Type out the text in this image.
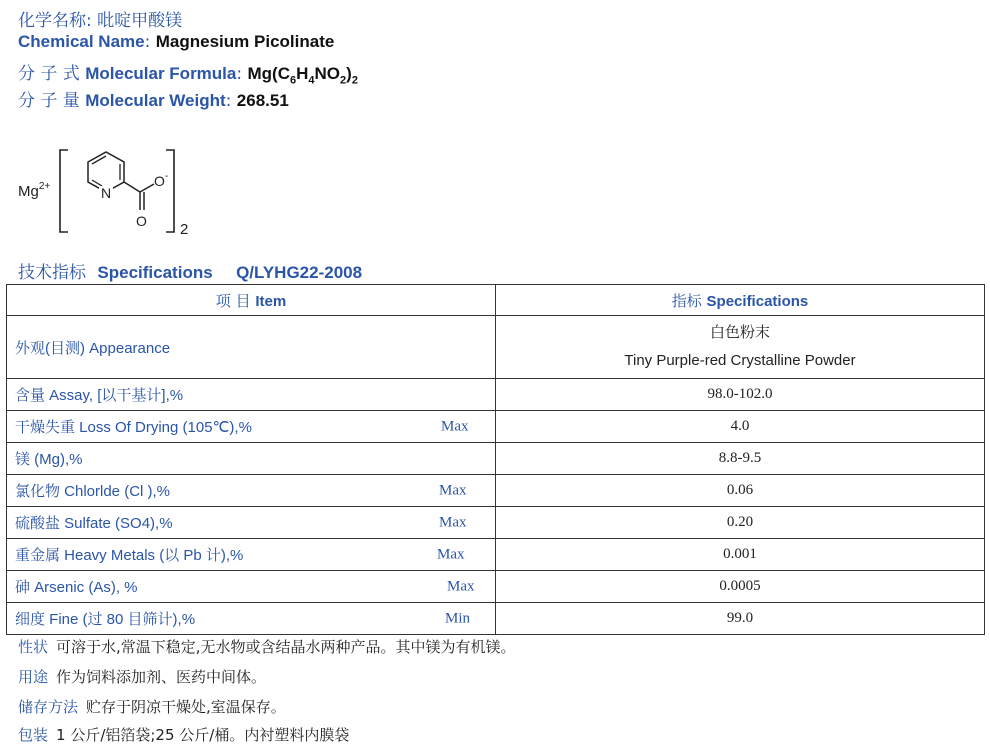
化学名称: 吡啶甲酸镁
Chemical Name: Magnesium Picolinate
分 子 式 Molecular Formula: $Mg(C_6H_4NO_2)_2$
分 子 量 Molecular Weight: 268.51
$Mg^{2+}$	N
O
O-
2
技术指标 Specifications Q/LYHG22-2008
项 目 Item	指标 Specifications
外观(目测) Appearance	白色粉末
Tiny Purple-red Crystalline Powder

含量 Assay, [以干基计],%	98.0-102.0
干燥失重 Loss Of Drying (105℃),% Max	4.0
镁 (Mg),%	8.8-9.5
氯化物 Chlorlde (Cl ),% Max	0.06
硫酸盐 Sulfate (SO4),% Max	0.20
重金属 Heavy Metals (以 Pb 计),% Max	0.001
砷 Arsenic (As), % Max	0.0005
细度 Fine (过 80 目筛计),% Min	99.0
性状 可溶于水,常温下稳定,无水物或含结晶水两种产品。其中镁为有机镁。
用途 作为饲料添加剂、医药中间体。
储存方法 贮存于阴凉干燥处,室温保存。
包装 1 公斤/铝箔袋;25 公斤/桶。内衬塑料内膜袋
